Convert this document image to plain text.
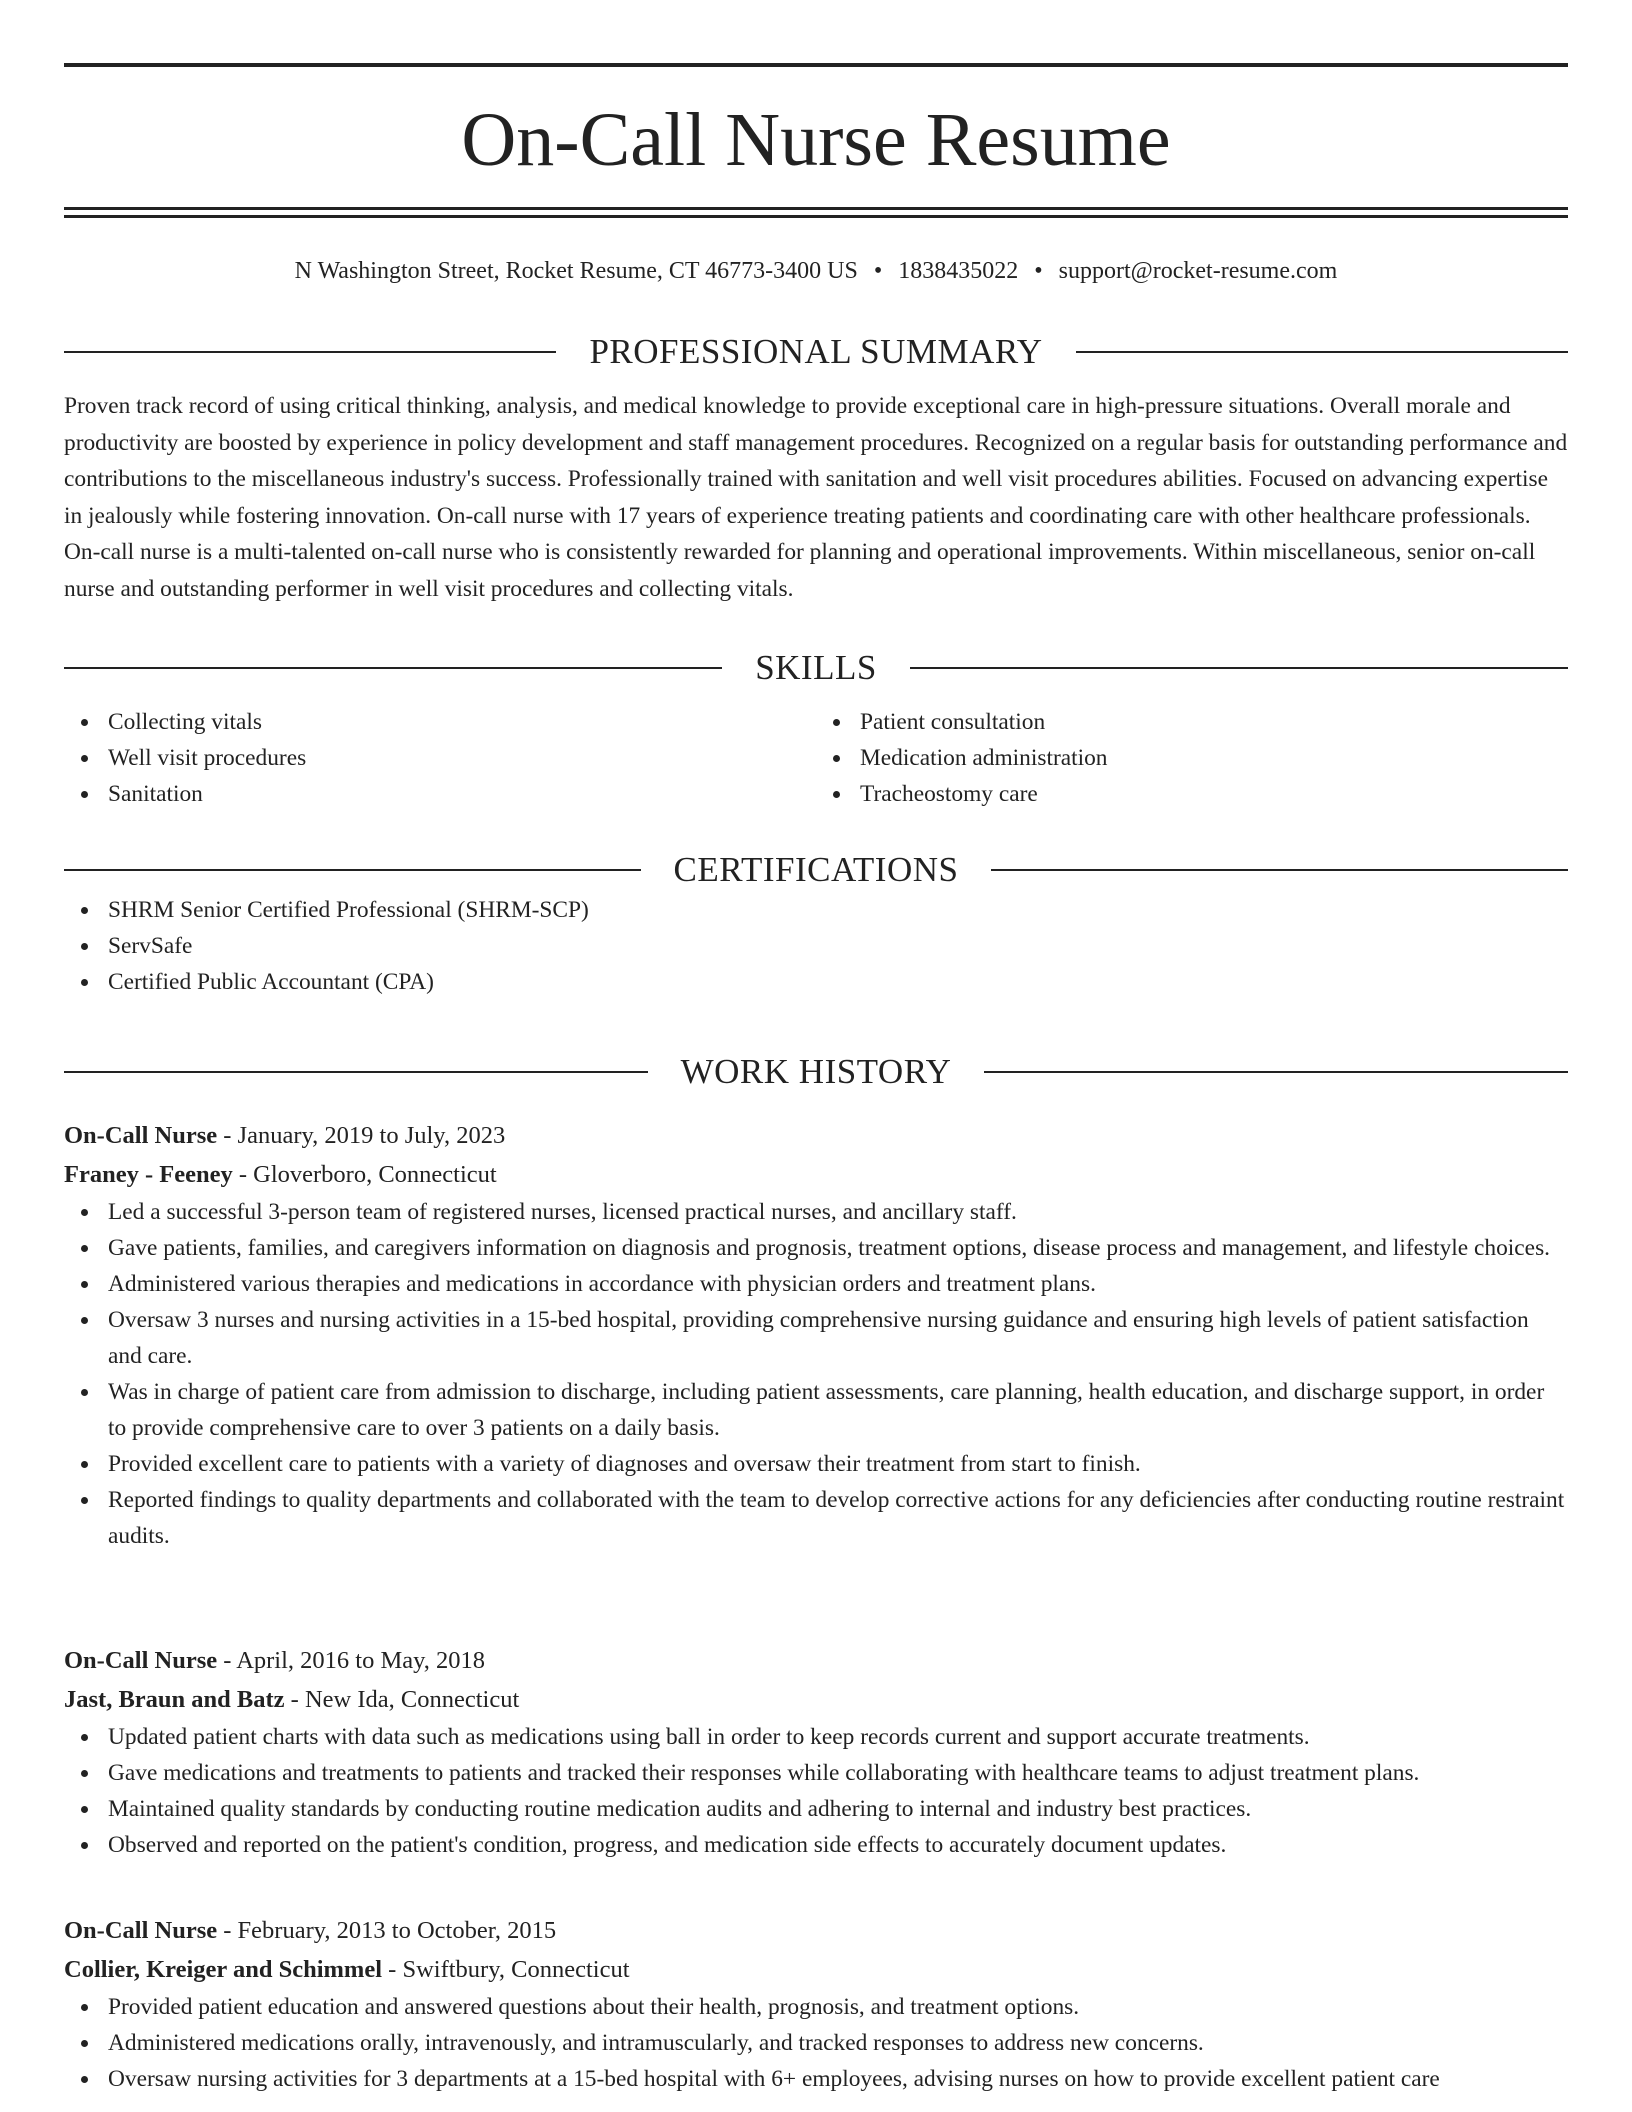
On-Call Nurse Resume
N Washington Street, Rocket Resume, CT 46773-3400 US • 1838435022 • support@rocket-resume.com
PROFESSIONAL SUMMARY

Proven track record of using critical thinking, analysis, and medical knowledge to provide exceptional care in high-pressure situations. Overall morale and productivity are boosted by experience in policy development and staff management procedures. Recognized on a regular basis for outstanding performance and contributions to the miscellaneous industry's success. Professionally trained with sanitation and well visit procedures abilities. Focused on advancing expertise in jealously while fostering innovation. On-call nurse with 17 years of experience treating patients and coordinating care with other healthcare professionals. On-call nurse is a multi-talented on-call nurse who is consistently rewarded for planning and operational improvements. Within miscellaneous, senior on-call nurse and outstanding performer in well visit procedures and collecting vitals.

SKILLS
Collecting vitals
Well visit procedures
Sanitation
Patient consultation
Medication administration
Tracheostomy care
CERTIFICATIONS
SHRM Senior Certified Professional (SHRM-SCP)
ServSafe
Certified Public Accountant (CPA)
WORK HISTORY
On-Call Nurse - January, 2019 to July, 2023
Franey - Feeney - Gloverboro, Connecticut
Led a successful 3-person team of registered nurses, licensed practical nurses, and ancillary staff.
Gave patients, families, and caregivers information on diagnosis and prognosis, treatment options, disease process and management, and lifestyle choices.
Administered various therapies and medications in accordance with physician orders and treatment plans.
Oversaw 3 nurses and nursing activities in a 15-bed hospital, providing comprehensive nursing guidance and ensuring high levels of patient satisfaction and care.
Was in charge of patient care from admission to discharge, including patient assessments, care planning, health education, and discharge support, in order to provide comprehensive care to over 3 patients on a daily basis.
Provided excellent care to patients with a variety of diagnoses and oversaw their treatment from start to finish.
Reported findings to quality departments and collaborated with the team to develop corrective actions for any deficiencies after conducting routine restraint audits.
On-Call Nurse - April, 2016 to May, 2018
Jast, Braun and Batz - New Ida, Connecticut
Updated patient charts with data such as medications using ball in order to keep records current and support accurate treatments.
Gave medications and treatments to patients and tracked their responses while collaborating with healthcare teams to adjust treatment plans.
Maintained quality standards by conducting routine medication audits and adhering to internal and industry best practices.
Observed and reported on the patient's condition, progress, and medication side effects to accurately document updates.
On-Call Nurse - February, 2013 to October, 2015
Collier, Kreiger and Schimmel - Swiftbury, Connecticut
Provided patient education and answered questions about their health, prognosis, and treatment options.
Administered medications orally, intravenously, and intramuscularly, and tracked responses to address new concerns.
Oversaw nursing activities for 3 departments at a 15-bed hospital with 6+ employees, advising nurses on how to provide excellent patient care
